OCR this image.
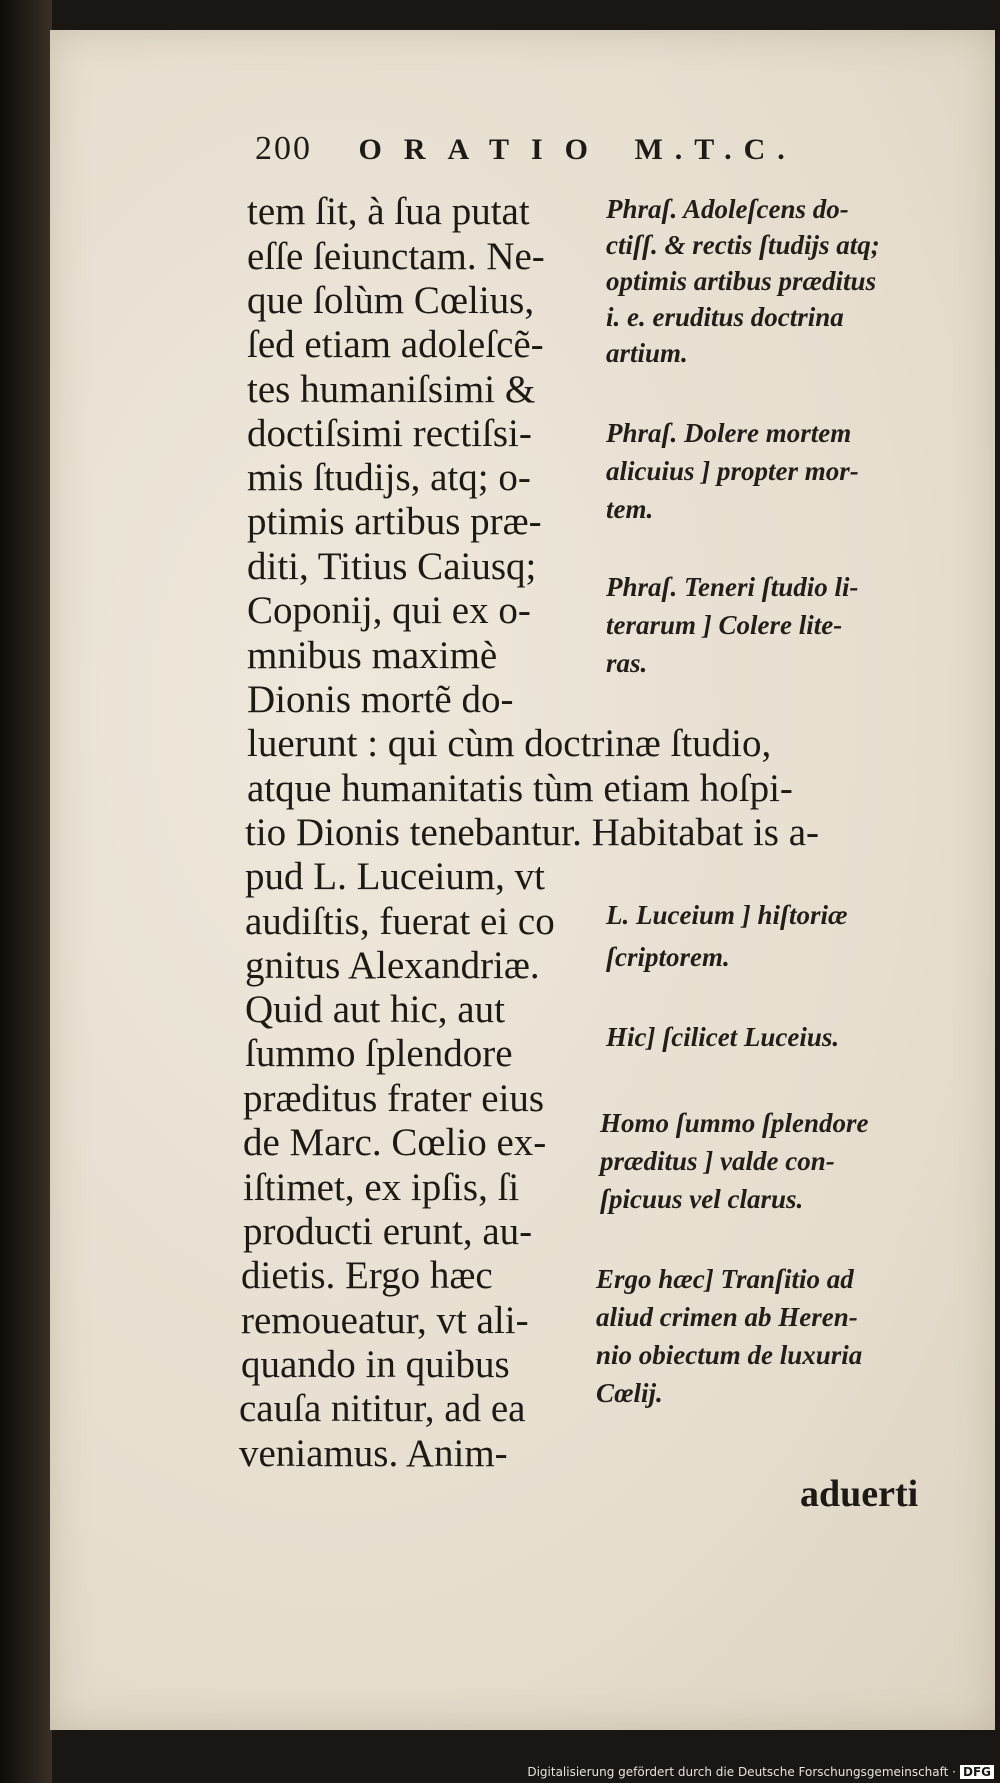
200 ORATIO M.T.C.
tem ſit, à ſua putat
eſſe ſeiunctam. Ne-
que ſolùm Cœlius,
ſed etiam adoleſcẽ-
tes humaniſsimi &
doctiſsimi rectiſsi-
mis ſtudijs, atq; o-
ptimis artibus præ-
diti, Titius Caiusq;
Coponij, qui ex o-
mnibus maximè
Dionis mortẽ do-
luerunt : qui cùm doctrinæ ſtudio,
atque humanitatis tùm etiam hoſpi-
tio Dionis tenebantur. Habitabat is a-
pud L. Luceium, vt
audiſtis, fuerat ei co
gnitus Alexandriæ.
Quid aut hic, aut
ſummo ſplendore
præditus frater eius
de Marc. Cœlio ex-
iſtimet, ex ipſis, ſi
producti erunt, au-
dietis. Ergo hæc
remoueatur, vt ali-
quando in quibus
cauſa nititur, ad ea
veniamus. Anim-
Phraſ. Adoleſcens do-
ctiſſ. & rectis ſtudijs atq;
optimis artibus præditus
i. e. eruditus doctrina
artium.
Phraſ. Dolere mortem
alicuius ] propter mor-
tem.
Phraſ. Teneri ſtudio li-
terarum ] Colere lite-
ras.
L. Luceium ] hiſtoriæ
ſcriptorem.
Hic] ſcilicet Luceius.
Homo ſummo ſplendore
præditus ] valde con-
ſpicuus vel clarus.
Ergo hæc] Tranſitio ad
aliud crimen ab Heren-
nio obiectum de luxuria
Cœlij.
aduerti
Digitalisierung gefördert durch die Deutsche Forschungsgemeinschaft · DFG
